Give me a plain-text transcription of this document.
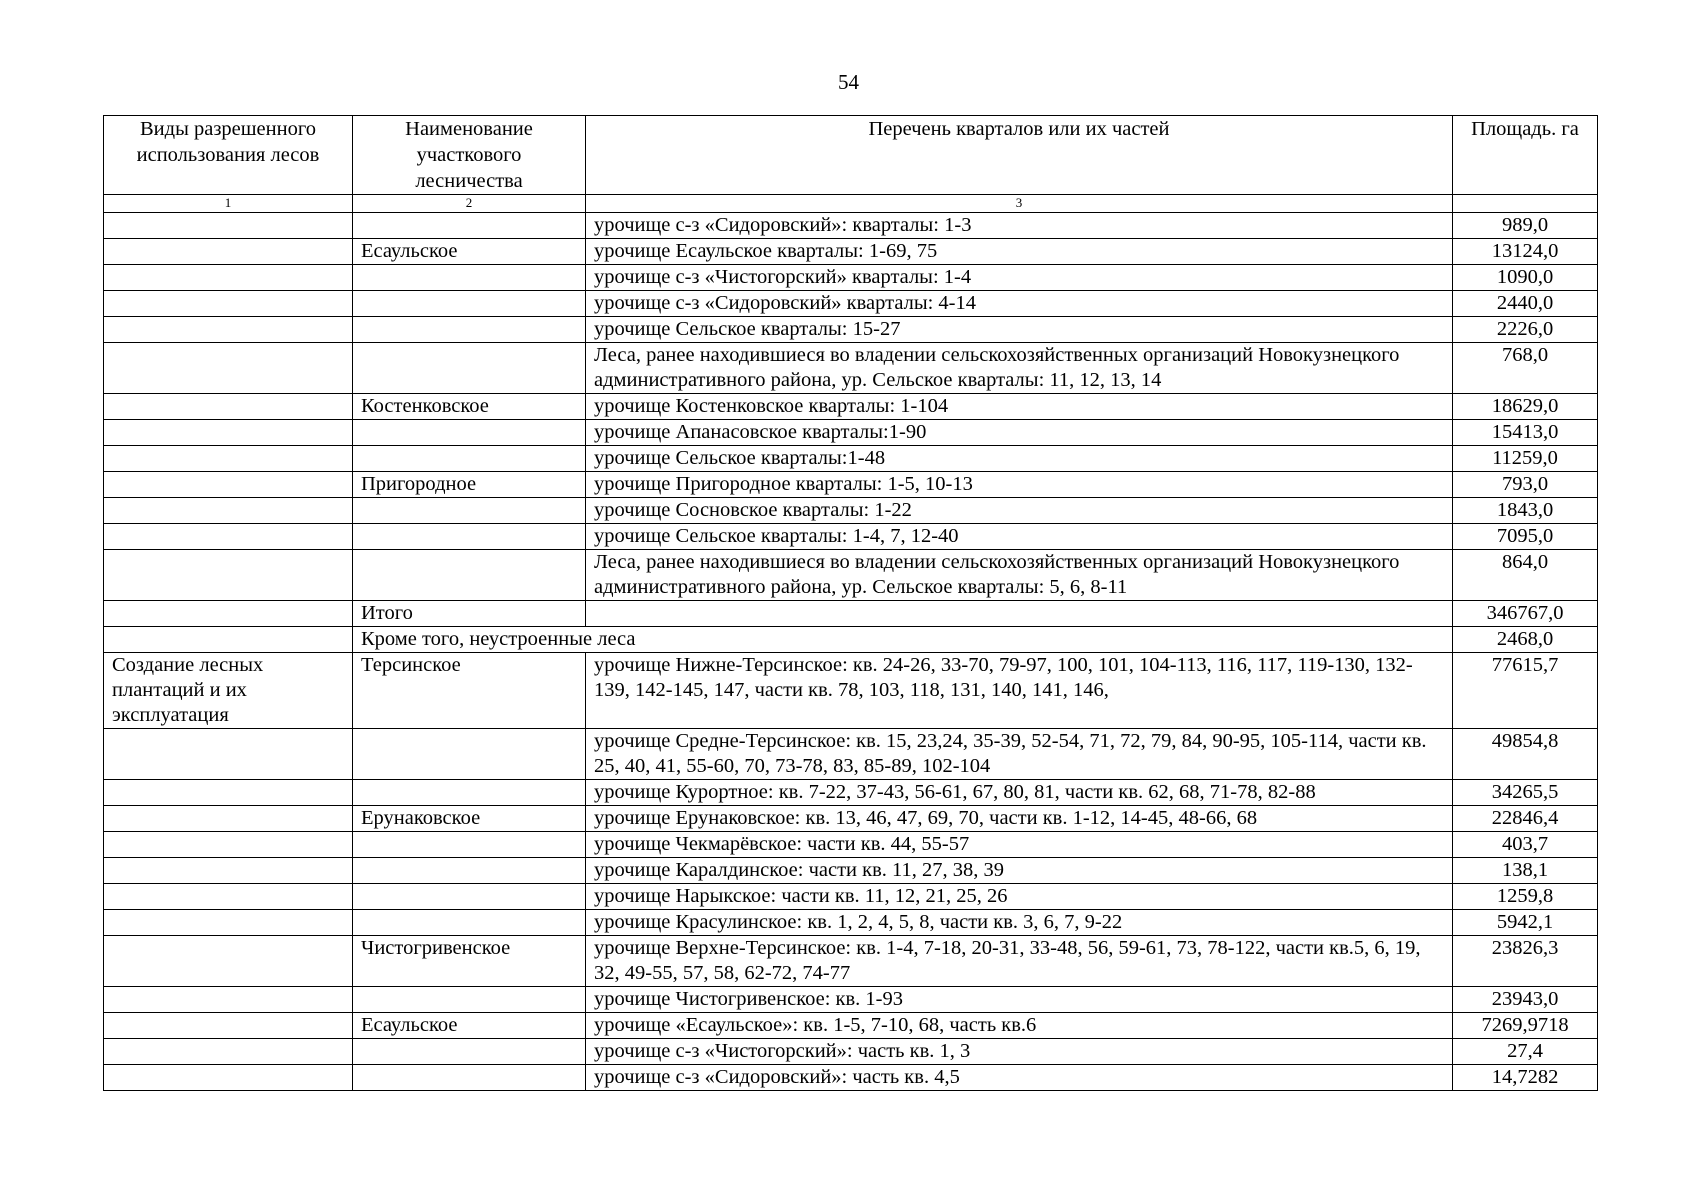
54
Виды разрешенного использования лесов	Наименование участкового лесничества	Перечень кварталов или их частей	Площадь. га
1	2	3	
		урочище с-з «Сидоровский»: кварталы: 1-3	989,0
	Есаульское	урочище Есаульское кварталы: 1-69, 75	13124,0
		урочище с-з «Чистогорский» кварталы: 1-4	1090,0
		урочище с-з «Сидоровский» кварталы: 4-14	2440,0
		урочище Сельское кварталы: 15-27	2226,0
		Леса, ранее находившиеся во владении сельскохозяйственных организаций Новокузнецкого административного района, ур. Сельское кварталы: 11, 12, 13, 14	768,0
	Костенковское	урочище Костенковское кварталы: 1-104	18629,0
		урочище Апанасовское кварталы:1-90	15413,0
		урочище Сельское кварталы:1-48	11259,0
	Пригородное	урочище Пригородное кварталы: 1-5, 10-13	793,0
		урочище Сосновское кварталы: 1-22	1843,0
		урочище Сельское кварталы: 1-4, 7, 12-40	7095,0
		Леса, ранее находившиеся во владении сельскохозяйственных организаций Новокузнецкого административного района, ур. Сельское кварталы: 5, 6, 8-11	864,0
	Итого		346767,0
	Кроме того, неустроенные леса		2468,0
Создание лесных плантаций и их эксплуатация	Терсинское	урочище Нижне-Терсинское: кв. 24-26, 33-70, 79-97, 100, 101, 104-113, 116, 117, 119-130, 132-139, 142-145, 147, части кв. 78, 103, 118, 131, 140, 141, 146,	77615,7
		урочище Средне-Терсинское: кв. 15, 23,24, 35-39, 52-54, 71, 72, 79, 84, 90-95, 105-114, части кв. 25, 40, 41, 55-60, 70, 73-78, 83, 85-89, 102-104	49854,8
		урочище Курортное: кв. 7-22, 37-43, 56-61, 67, 80, 81, части кв. 62, 68, 71-78, 82-88	34265,5
	Ерунаковское	урочище Ерунаковское: кв. 13, 46, 47, 69, 70, части кв. 1-12, 14-45, 48-66, 68	22846,4
		урочище Чекмарёвское: части кв. 44, 55-57	403,7
		урочище Каралдинское: части кв. 11, 27, 38, 39	138,1
		урочище Нарыкское: части кв. 11, 12, 21, 25, 26	1259,8
		урочище Красулинское: кв. 1, 2, 4, 5, 8, части кв. 3, 6, 7, 9-22	5942,1
	Чистогривенское	урочище Верхне-Терсинское: кв. 1-4, 7-18, 20-31, 33-48, 56, 59-61, 73, 78-122, части кв.5, 6, 19, 32, 49-55, 57, 58, 62-72, 74-77	23826,3
		урочище Чистогривенское: кв. 1-93	23943,0
	Есаульское	урочище «Есаульское»: кв. 1-5, 7-10, 68, часть кв.6	7269,9718
		урочище с-з «Чистогорский»: часть кв. 1, 3	27,4
		урочище с-з «Сидоровский»: часть кв. 4,5	14,7282
